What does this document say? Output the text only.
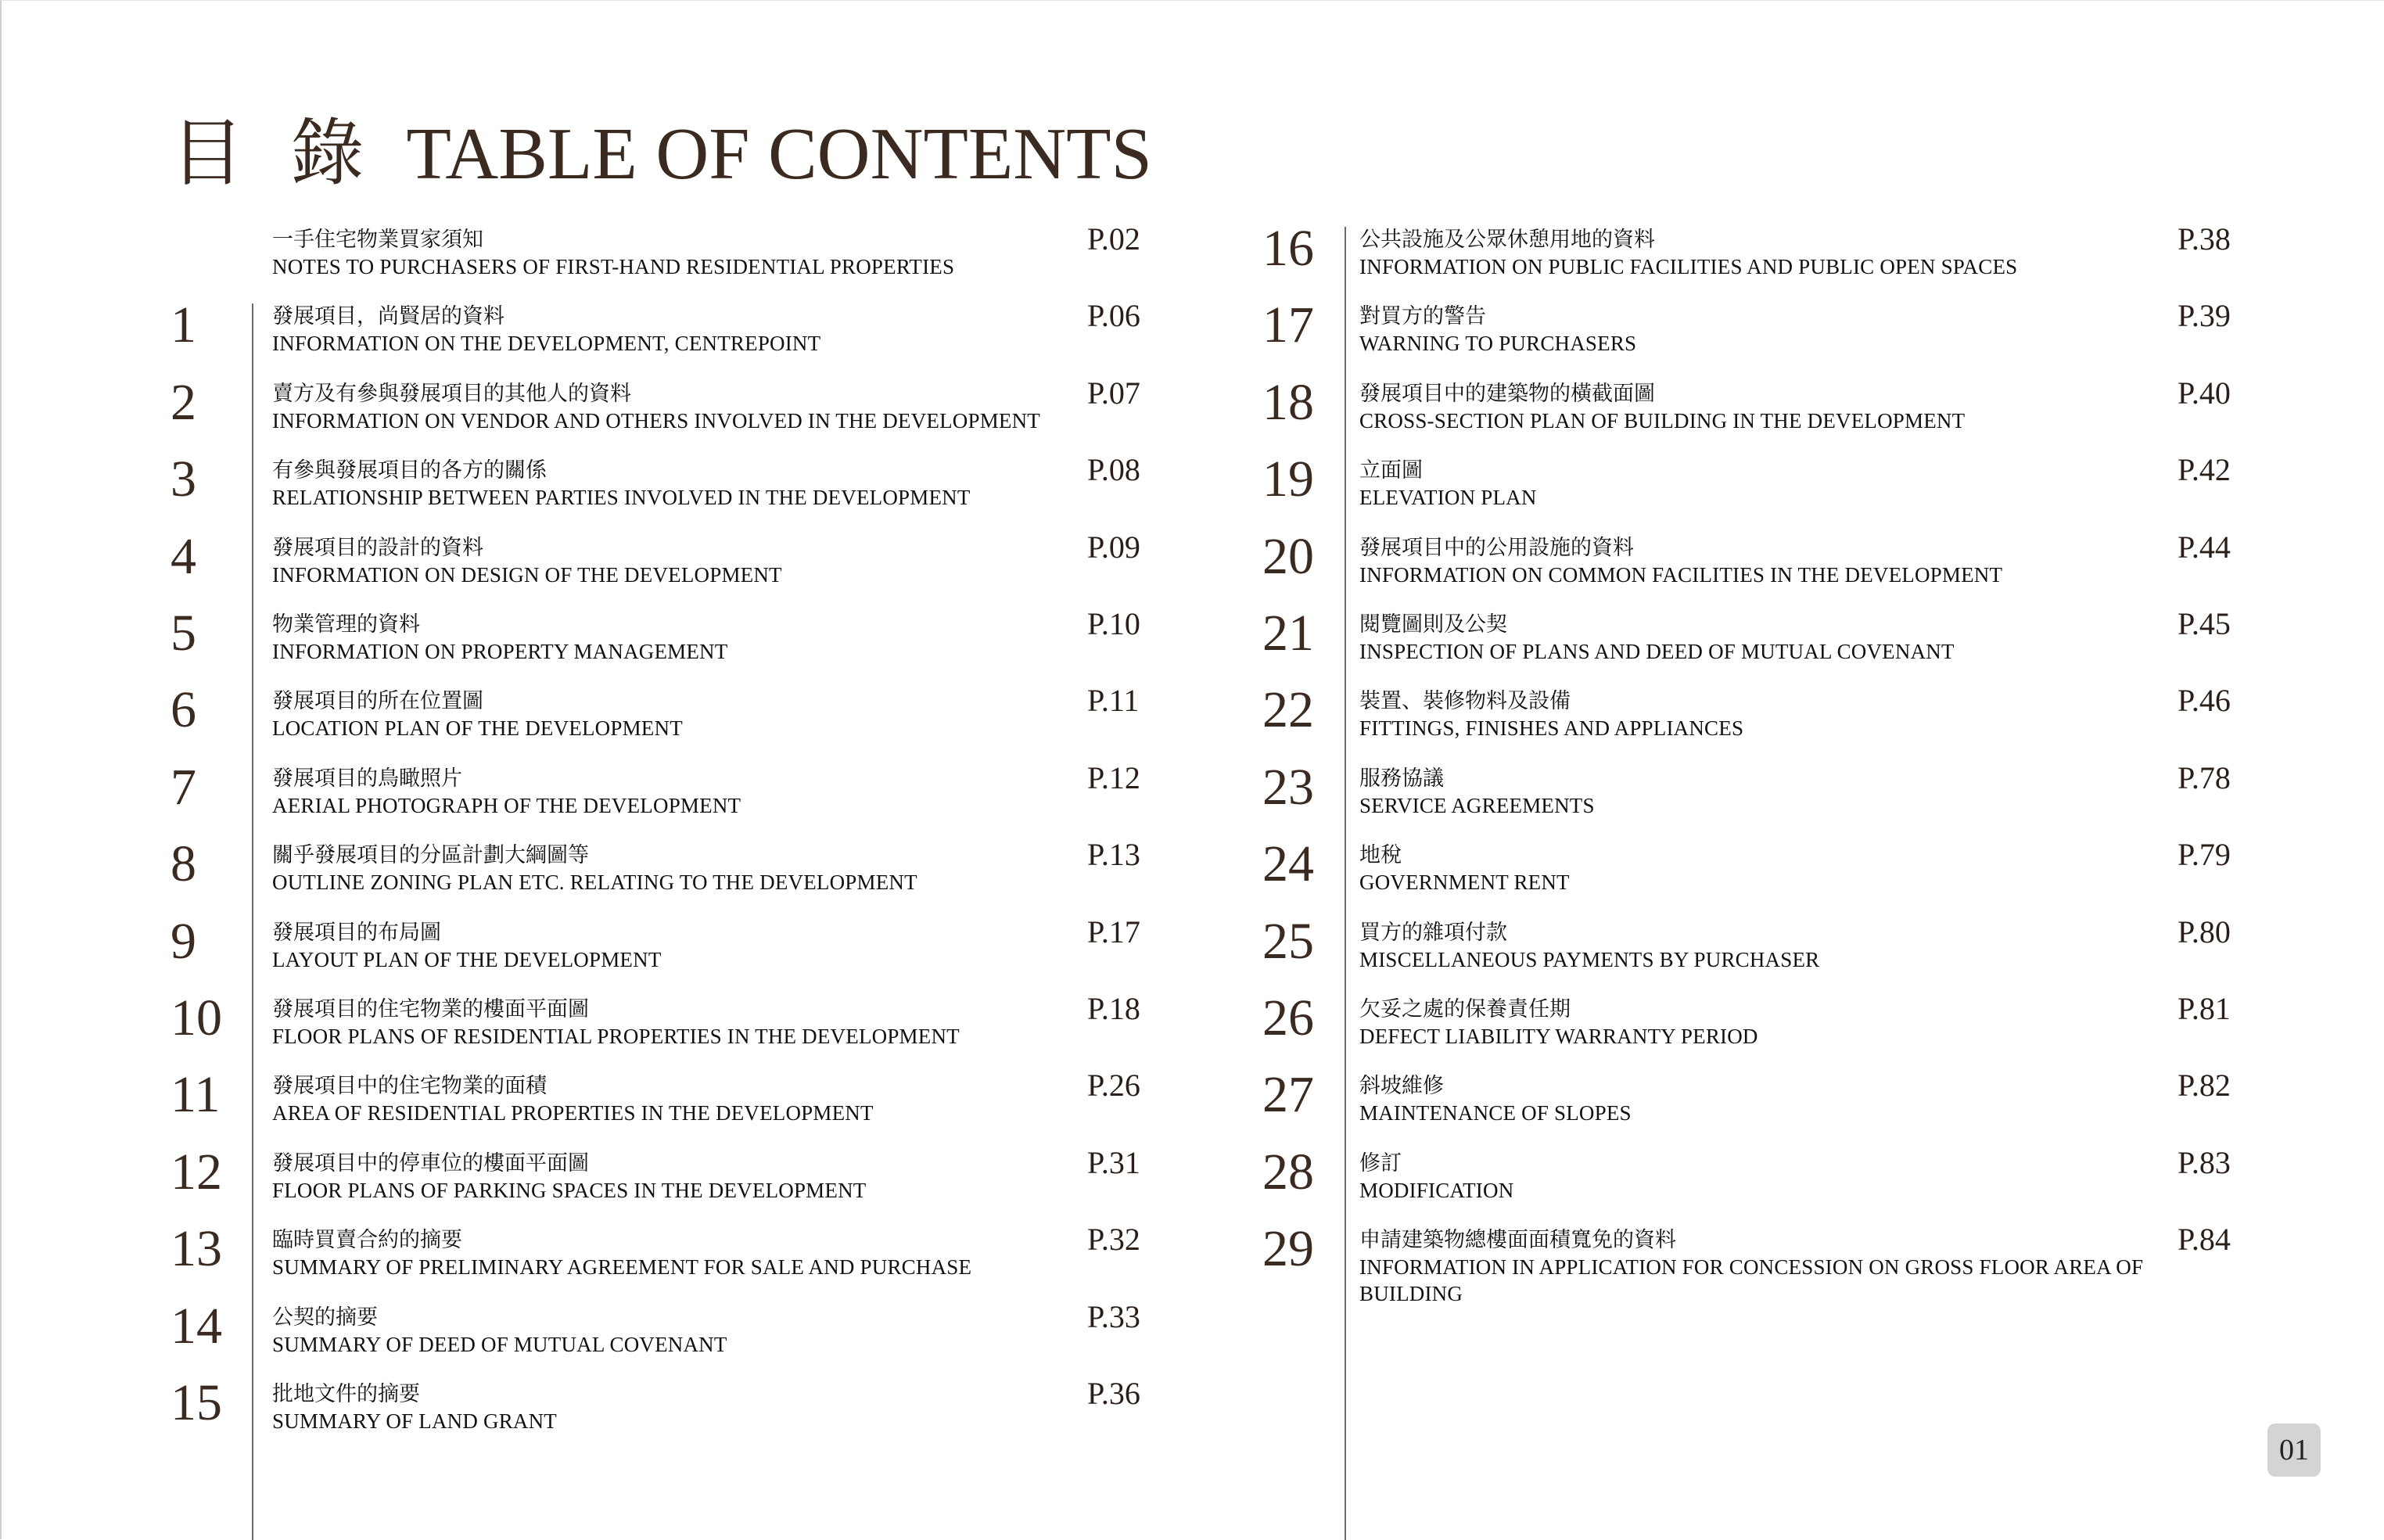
目 錄 TABLE OF CONTENTS
一手住宅物業買家須知
NOTES TO PURCHASERS OF FIRST-HAND RESIDENTIAL PROPERTIES
P.02
1	發展項目，尚賢居的資料
INFORMATION ON THE DEVELOPMENT, CENTREPOINT
P.06
2	賣方及有參與發展項目的其他人的資料
INFORMATION ON VENDOR AND OTHERS INVOLVED IN THE DEVELOPMENT
P.07
3	有參與發展項目的各方的關係
RELATIONSHIP BETWEEN PARTIES INVOLVED IN THE DEVELOPMENT
P.08
4	發展項目的設計的資料
INFORMATION ON DESIGN OF THE DEVELOPMENT
P.09
5	物業管理的資料
INFORMATION ON PROPERTY MANAGEMENT
P.10
6	發展項目的所在位置圖
LOCATION PLAN OF THE DEVELOPMENT
P.11
7	發展項目的鳥瞰照片
AERIAL PHOTOGRAPH OF THE DEVELOPMENT
P.12
8	關乎發展項目的分區計劃大綱圖等
OUTLINE ZONING PLAN ETC. RELATING TO THE DEVELOPMENT
P.13
9	發展項目的布局圖
LAYOUT PLAN OF THE DEVELOPMENT
P.17
10	發展項目的住宅物業的樓面平面圖
FLOOR PLANS OF RESIDENTIAL PROPERTIES IN THE DEVELOPMENT
P.18
11	發展項目中的住宅物業的面積
AREA OF RESIDENTIAL PROPERTIES IN THE DEVELOPMENT
P.26
12	發展項目中的停車位的樓面平面圖
FLOOR PLANS OF PARKING SPACES IN THE DEVELOPMENT
P.31
13	臨時買賣合約的摘要
SUMMARY OF PRELIMINARY AGREEMENT FOR SALE AND PURCHASE
P.32
14	公契的摘要
SUMMARY OF DEED OF MUTUAL COVENANT
P.33
15	批地文件的摘要
SUMMARY OF LAND GRANT
P.36
16	公共設施及公眾休憩用地的資料
INFORMATION ON PUBLIC FACILITIES AND PUBLIC OPEN SPACES
P.38
17	對買方的警告
WARNING TO PURCHASERS
P.39
18	發展項目中的建築物的橫截面圖
CROSS-SECTION PLAN OF BUILDING IN THE DEVELOPMENT
P.40
19	立面圖
ELEVATION PLAN
P.42
20	發展項目中的公用設施的資料
INFORMATION ON COMMON FACILITIES IN THE DEVELOPMENT
P.44
21	閱覽圖則及公契
INSPECTION OF PLANS AND DEED OF MUTUAL COVENANT
P.45
22	裝置、裝修物料及設備
FITTINGS, FINISHES AND APPLIANCES
P.46
23	服務協議
SERVICE AGREEMENTS
P.78
24	地稅
GOVERNMENT RENT
P.79
25	買方的雜項付款
MISCELLANEOUS PAYMENTS BY PURCHASER
P.80
26	欠妥之處的保養責任期
DEFECT LIABILITY WARRANTY PERIOD
P.81
27	斜坡維修
MAINTENANCE OF SLOPES
P.82
28	修訂
MODIFICATION
P.83
29	申請建築物總樓面面積寬免的資料
INFORMATION IN APPLICATION FOR CONCESSION ON GROSS FLOOR AREA OF BUILDING
P.84
01
